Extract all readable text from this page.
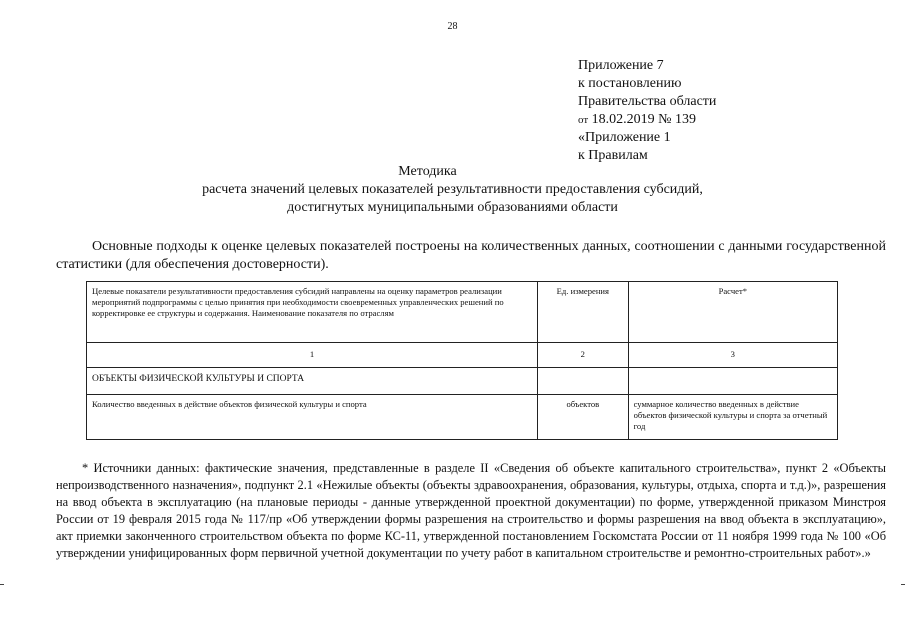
28
Приложение 7
к постановлению
Правительства области
от 18.02.2019 № 139
«Приложение 1
к Правилам
Методика
расчета значений целевых показателей результативности предоставления субсидий,
достигнутых муниципальными образованиями области
Основные подходы к оценке целевых показателей построены на количественных данных, соотношении с данными государственной статистики (для обеспечения достоверности).
Целевые показатели результативности предоставления субсидий направлены на оценку параметров реализации мероприятий подпрограммы с целью принятия при необходимости своевременных управленческих решений по корректировке ее структуры и содержания. Наименование показателя по отраслям	Ед. измерения	Расчет*
1	2	3
ОБЪЕКТЫ ФИЗИЧЕСКОЙ КУЛЬТУРЫ И СПОРТА		
Количество введенных в действие объектов физической культуры и спорта	объектов	суммарное количество введенных в действие объектов физической культуры и спорта за отчетный год
* Источники данных: фактические значения, представленные в разделе II «Сведения об объекте капитального строительства», пункт 2 «Объекты непроизводственного назначения», подпункт 2.1 «Нежилые объекты (объекты здравоохранения, образования, культуры, отдыха, спорта и т.д.)», разрешения на ввод объекта в эксплуатацию (на плановые периоды - данные утвержденной проектной документации) по форме, утвержденной приказом Минстроя России от 19 февраля 2015 года № 117/пр «Об утверждении формы разрешения на строительство и формы разрешения на ввод объекта в эксплуатацию», акт приемки законченного строительством объекта по форме КС-11, утвержденной постановлением Госкомстата России от 11 ноября 1999 года № 100 «Об утверждении унифицированных форм первичной учетной документации по учету работ в капитальном строительстве и ремонтно-строительных работ».»
